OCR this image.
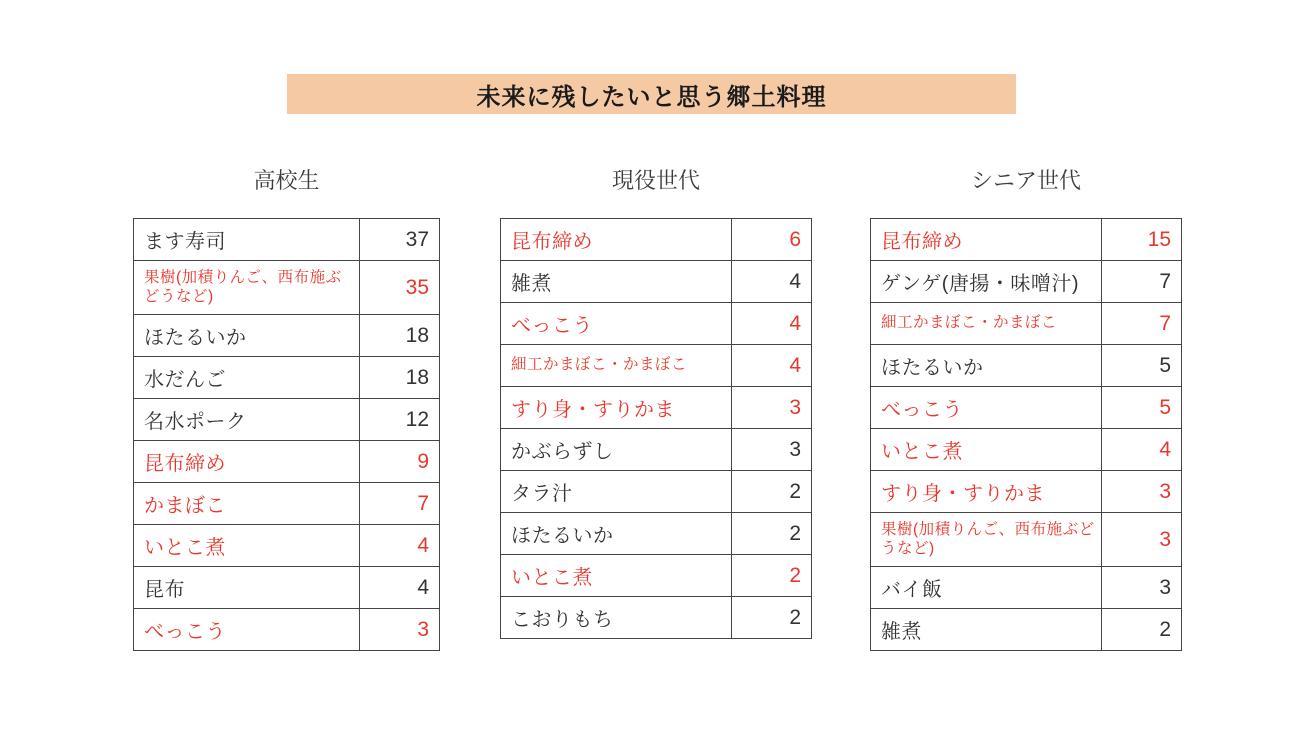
未来に残したいと思う郷土料理
高校生
ます寿司	37
果樹(加積りんご、西布施ぶどうなど)	35
ほたるいか	18
水だんご	18
名水ポーク	12
昆布締め	9
かまぼこ	7
いとこ煮	4
昆布	4
べっこう	3
現役世代
昆布締め	6
雑煮	4
べっこう	4
細工かまぼこ・かまぼこ	4
すり身・すりかま	3
かぶらずし	3
タラ汁	2
ほたるいか	2
いとこ煮	2
こおりもち	2
シニア世代
昆布締め	15
ゲンゲ(唐揚・味噌汁)	7
細工かまぼこ・かまぼこ	7
ほたるいか	5
べっこう	5
いとこ煮	4
すり身・すりかま	3
果樹(加積りんご、西布施ぶどうなど)	3
バイ飯	3
雑煮	2
